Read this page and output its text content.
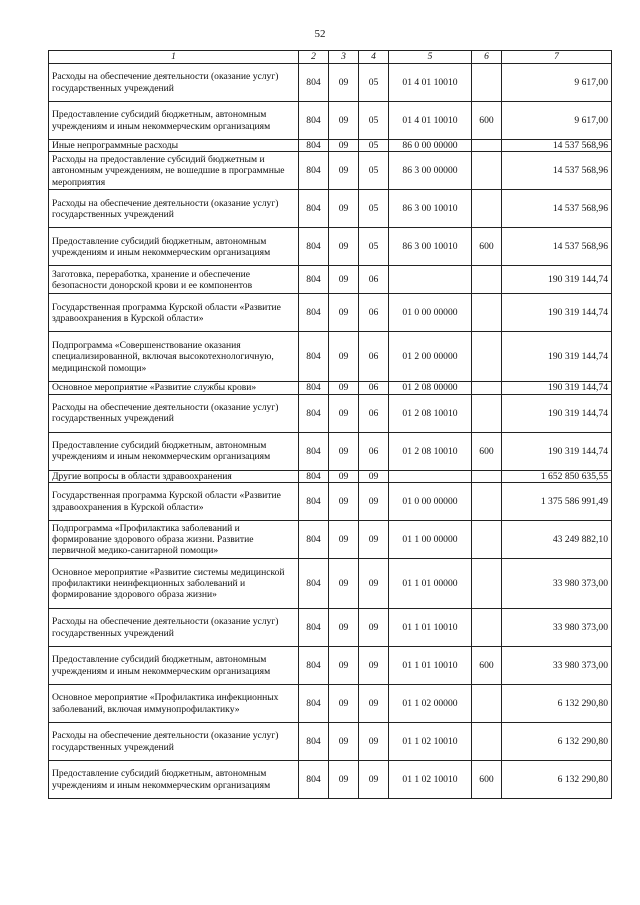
52
1	2	3	4	5	6	7
Расходы на обеспечение деятельности (оказание услуг) государственных учреждений	804	09	05	01 4 01 10010		9 617,00
Предоставление субсидий бюджетным, автономным учреждениям и иным некоммерческим организациям	804	09	05	01 4 01 10010	600	9 617,00
Иные непрограммные расходы	804	09	05	86 0 00 00000		14 537 568,96
Расходы на предоставление субсидий бюджетным и автономным учреждениям, не вошедшие в программные мероприятия	804	09	05	86 3 00 00000		14 537 568,96
Расходы на обеспечение деятельности (оказание услуг) государственных учреждений	804	09	05	86 3 00 10010		14 537 568,96
Предоставление субсидий бюджетным, автономным учреждениям и иным некоммерческим организациям	804	09	05	86 3 00 10010	600	14 537 568,96
Заготовка, переработка, хранение и обеспечение безопасности донорской крови и ее компонентов	804	09	06			190 319 144,74
Государственная программа Курской области «Развитие здравоохранения в Курской области»	804	09	06	01 0 00 00000		190 319 144,74
Подпрограмма «Совершенствование оказания специализированной, включая высокотехнологичную, медицинской помощи»	804	09	06	01 2 00 00000		190 319 144,74
Основное мероприятие «Развитие службы крови»	804	09	06	01 2 08 00000		190 319 144,74
Расходы на обеспечение деятельности (оказание услуг) государственных учреждений	804	09	06	01 2 08 10010		190 319 144,74
Предоставление субсидий бюджетным, автономным учреждениям и иным некоммерческим организациям	804	09	06	01 2 08 10010	600	190 319 144,74
Другие вопросы в области здравоохранения	804	09	09			1 652 850 635,55
Государственная программа Курской области «Развитие здравоохранения в Курской области»	804	09	09	01 0 00 00000		1 375 586 991,49
Подпрограмма «Профилактика заболеваний и формирование здорового образа жизни. Развитие первичной медико-санитарной помощи»	804	09	09	01 1 00 00000		43 249 882,10
Основное мероприятие «Развитие системы медицинской профилактики неинфекционных заболеваний и формирование здорового образа жизни»	804	09	09	01 1 01 00000		33 980 373,00
Расходы на обеспечение деятельности (оказание услуг) государственных учреждений	804	09	09	01 1 01 10010		33 980 373,00
Предоставление субсидий бюджетным, автономным учреждениям и иным некоммерческим организациям	804	09	09	01 1 01 10010	600	33 980 373,00
Основное мероприятие «Профилактика инфекционных заболеваний, включая иммунопрофилактику»	804	09	09	01 1 02 00000		6 132 290,80
Расходы на обеспечение деятельности (оказание услуг) государственных учреждений	804	09	09	01 1 02 10010		6 132 290,80
Предоставление субсидий бюджетным, автономным учреждениям и иным некоммерческим организациям	804	09	09	01 1 02 10010	600	6 132 290,80
